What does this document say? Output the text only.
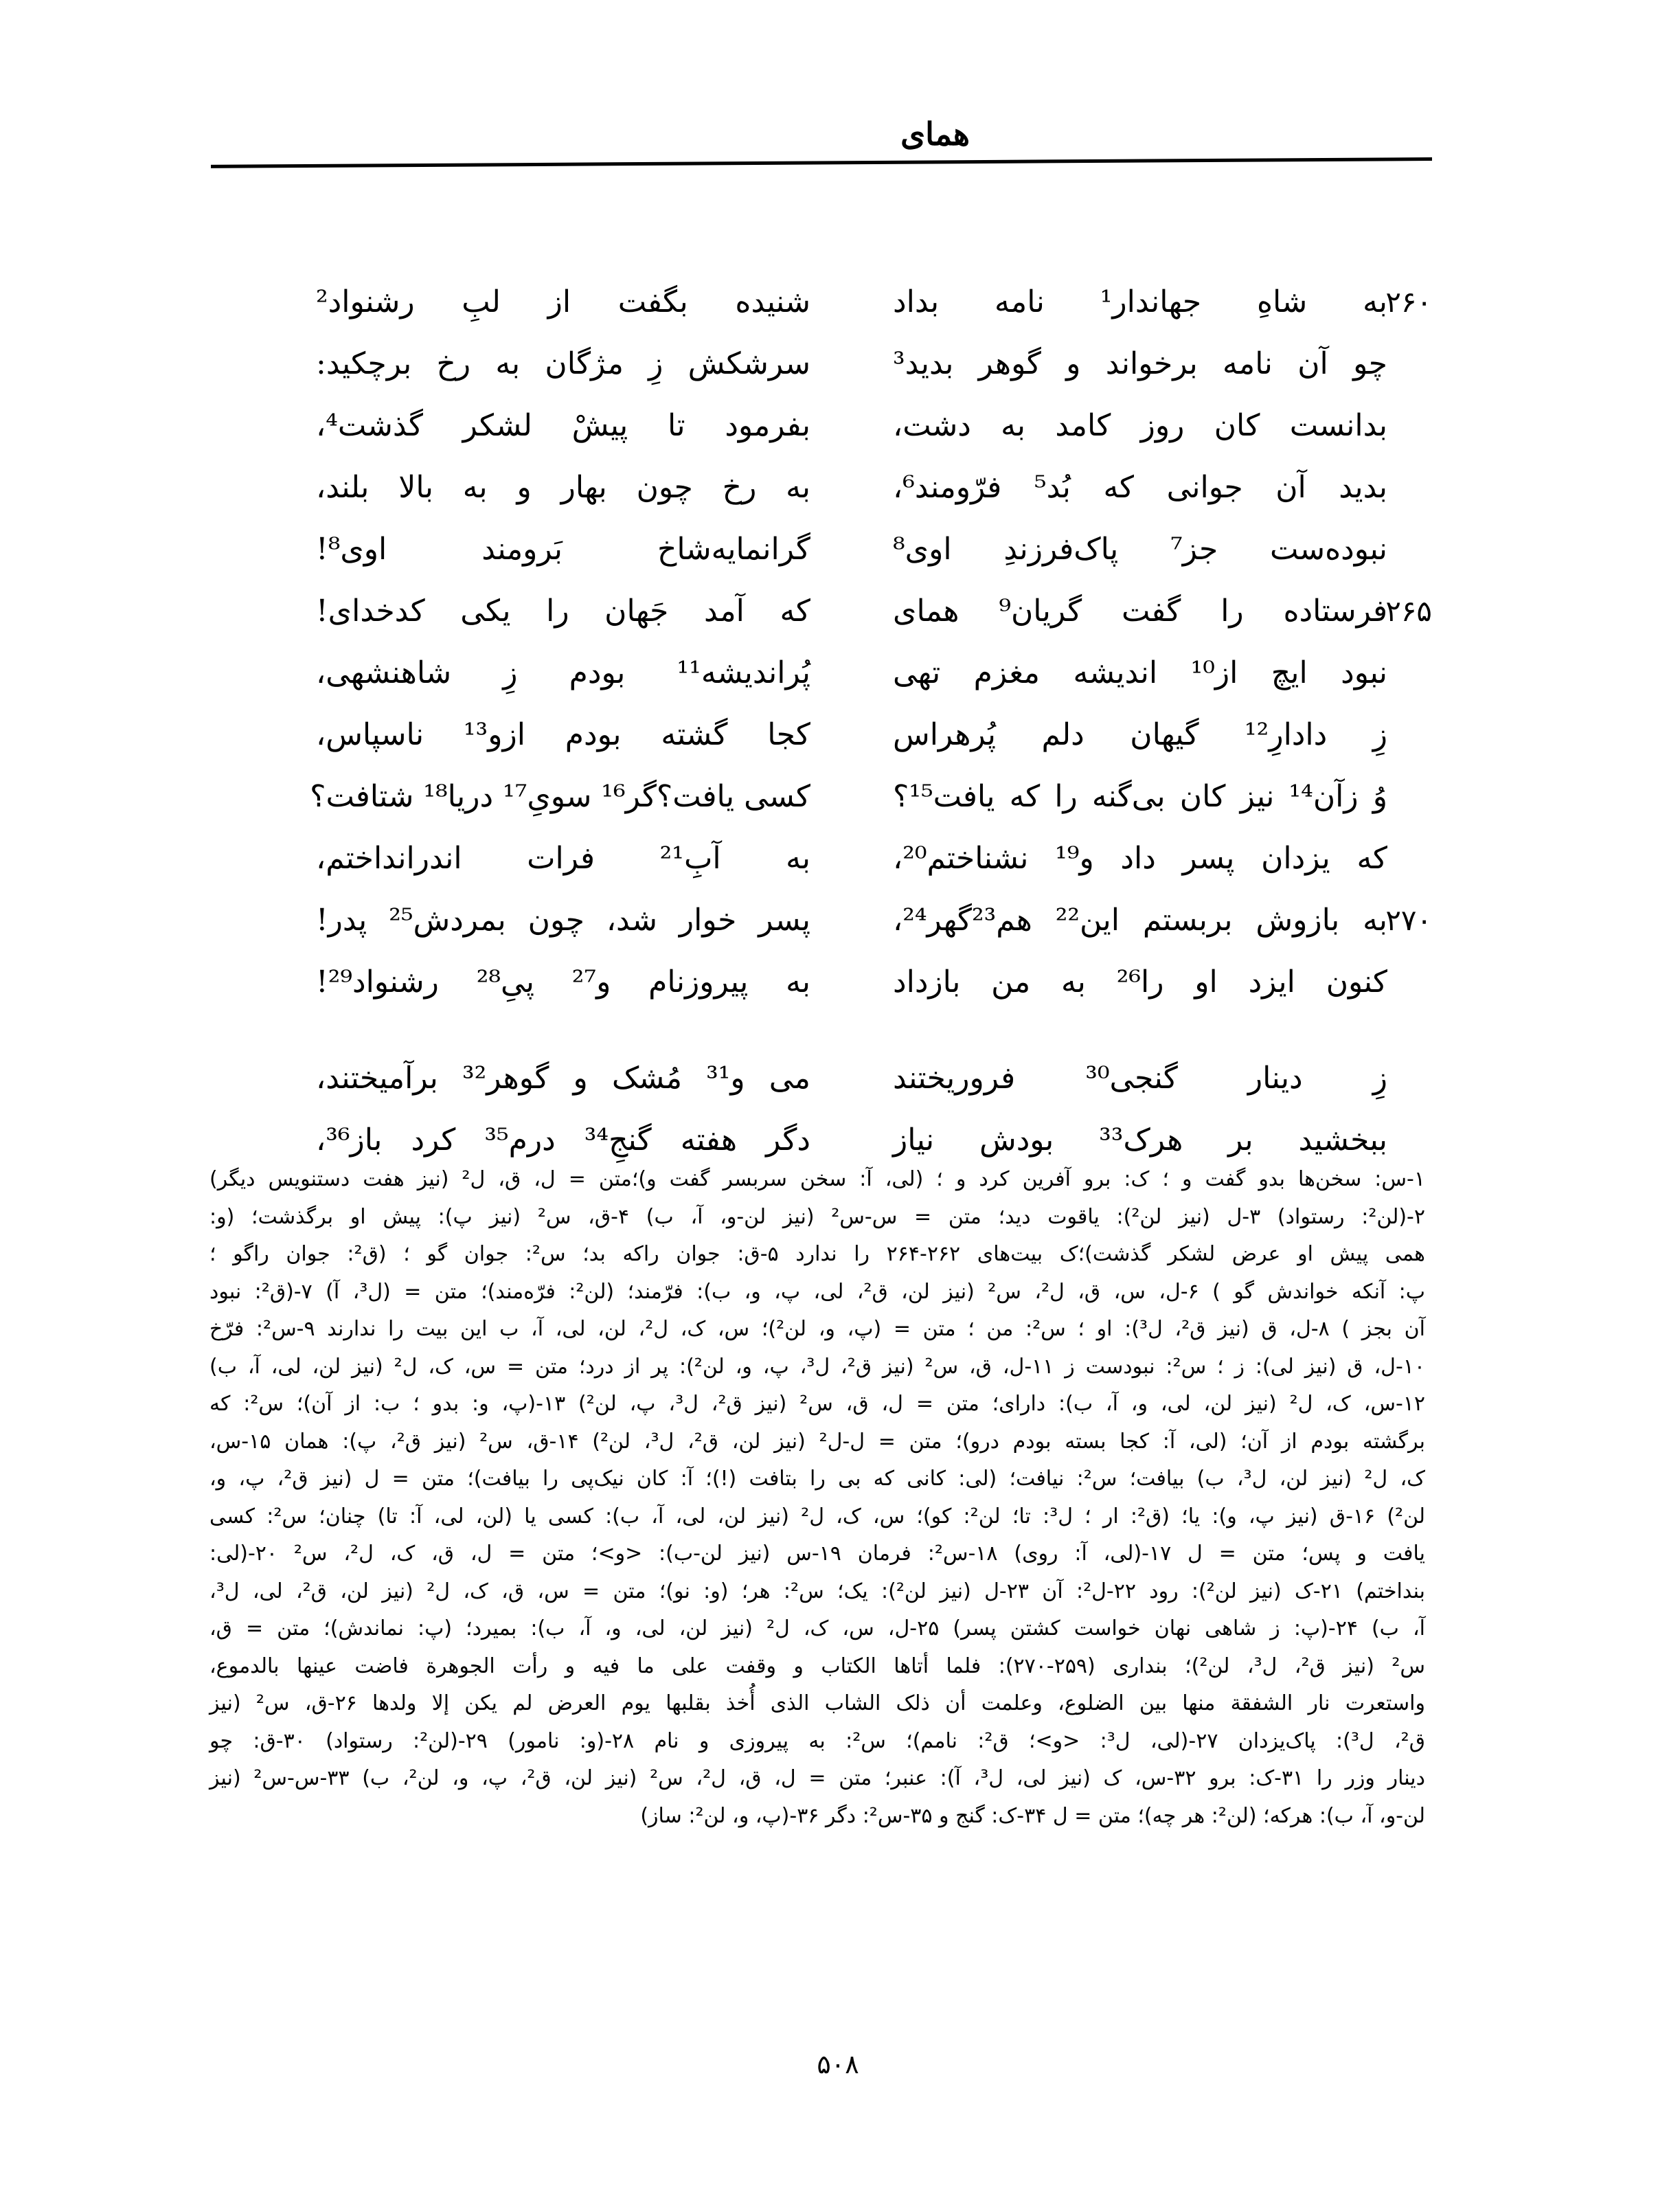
همای
۲۶۰
به شاهِ جهاندار¹ نامه بداد
شنیده بگفت از لبِ رشنواد²
چو آن نامه برخواند و گوهر بدید³
سرشکش زِ مژگان به رخ برچکید:
بدانست کان روز کامد به دشت،
بفرمود تا پیشْ لشکر گذشت⁴،
بدید آن جوانی که بُد⁵ فرّومند⁶،
به رخ چون بهار و به بالا بلند،
نبوده‌ست جز⁷ پاک‌فرزندِ اوی⁸
گرانمایه‌شاخ بَرومند اوی⁸!
۲۶۵
فرستاده را گفت گریان⁹ همای
که آمد جَهان را یکی کدخدای!
نبود ایچ از¹⁰ اندیشه مغزم تهی
پُراندیشه¹¹ بودم زِ شاهنشهی،
زِ دادارِ¹² گیهان دلم پُرهراس
کجا گشته بودم ازو¹³ ناسپاس،
وُ زآن¹⁴ نیز کان بی‌گنه را که یافت¹⁵؟
کسی یافت؟گر¹⁶ سویِ¹⁷ دریا¹⁸ شتافت؟
که یزدان پسر داد و¹⁹ نشناختم²⁰،
به آبِ²¹ فرات اندرانداختم،
۲۷۰
به بازوش بربستم این²² هم²³گهر²⁴،
پسر خوار شد، چون بمردش²⁵ پدر!
کنون ایزد او را²⁶ به من بازداد
به پیروزنام و²⁷ پیِ²⁸ رشنواد²⁹!
زِ دینار گنجی³⁰ فروریختند
می و³¹ مُشک و گوهر³² برآمیختند،
ببخشید بر هرک³³ بودش نیاز
دگر هفته گنجِ³⁴ درم³⁵ کرد باز³⁶،

۱-س: سخن‌ها بدو گفت و ؛ ک: برو آفرین کرد و ؛ (لی، آ: سخن سربسر گفت و)؛متن = ل، ق، ل² (نیز هفت دستنویس دیگر)

۲-(لن²: رستواد) ۳-ل (نیز لن²): یاقوت دید؛ متن = س-س² (نیز لن-و، آ، ب) ۴-ق، س² (نیز پ): پیش او برگذشت؛ (و:

همی پیش او عرض لشکر گذشت)؛ک بیت‌های ۲۶۲-۲۶۴ را ندارد ۵-ق: جوان راکه بد؛ س²: جوان گو ؛ (ق²: جوان راگو ؛

پ: آنکه خواندش گو ) ۶-ل، س، ق، ل²، س² (نیز لن، ق²، لی، پ، و، ب): فرّمند؛ (لن²: فرّه‌مند)؛ متن = (ل³، آ) ۷-(ق²: نبود

آن بجز ) ۸-ل، ق (نیز ق²، ل³): او ؛ س²: من ؛ متن = (پ، و، لن²)؛ س، ک، ل²، لن، لی، آ، ب این بیت را ندارند ۹-س²: فرّخ

۱۰-ل، ق (نیز لی): ز ؛ س²: نبودست ز ۱۱-ل، ق، س² (نیز ق²، ل³، پ، و، لن²): پر از درد؛ متن = س، ک، ل² (نیز لن، لی، آ، ب)

۱۲-س، ک، ل² (نیز لن، لی، و، آ، ب): دارای؛ متن = ل، ق، س² (نیز ق²، ل³، پ، لن²) ۱۳-(پ، و: بدو ؛ ب: از آن)؛ س²: که

برگشته بودم از آن؛ (لی، آ: کجا بسته بودم درو)؛ متن = ل-ل² (نیز لن، ق²، ل³، لن²) ۱۴-ق، س² (نیز ق²، پ): همان ۱۵-س،

ک، ل² (نیز لن، ل³، ب) بیافت؛ س²: نیافت؛ (لی: کانی که بی را بتافت (!)؛ آ: کان نیک‌پی را بیافت)؛ متن = ل (نیز ق²، پ، و،

لن²) ۱۶-ق (نیز پ، و): یا؛ (ق²: ار ؛ ل³: تا؛ لن²: کو)؛ س، ک، ل² (نیز لن، لی، آ، ب): کسی یا (لن، لی، آ: تا) چنان؛ س²: کسی

یافت و پس؛ متن = ل ۱۷-(لی، آ: روی) ۱۸-س²: فرمان ۱۹-س (نیز لن-ب): <و>؛ متن = ل، ق، ک، ل²، س² ۲۰-(لی:

بنداختم) ۲۱-ک (نیز لن²): رود ۲۲-ل²: آن ۲۳-ل (نیز لن²): یک؛ س²: هر؛ (و: نو)؛ متن = س، ق، ک، ل² (نیز لن، ق²، لی، ل³،

آ، ب) ۲۴-(پ: ز شاهی نهان خواست کشتن پسر) ۲۵-ل، س، ک، ل² (نیز لن، لی، و، آ، ب): بمیرد؛ (پ: نماندش)؛ متن = ق،

س² (نیز ق²، ل³، لن²)؛ بنداری (۲۵۹-۲۷۰): فلما أتاها الکتاب و وقفت علی ما فیه و رأت الجوهرة فاضت عینها بالدموع،

واستعرت نار الشفقة منها بین الضلوع، وعلمت أن ذلک الشاب الذی أُخذ بقلبها یوم العرض لم یکن إلا ولدها ۲۶-ق، س² (نیز

ق²، ل³): پاک‌یزدان ۲۷-(لی، ل³: <و>؛ ق²: نامم)؛ س²: به پیروزی و نام ۲۸-(و: نامور) ۲۹-(لن²: رستواد) ۳۰-ق: چو

دینار وزر را ۳۱-ک: برو ۳۲-س، ک (نیز لی، ل³، آ): عنبر؛ متن = ل، ق، ل²، س² (نیز لن، ق²، پ، و، لن²، ب) ۳۳-س-س² (نیز

لن-و، آ، ب): هرکه؛ (لن²: هر چه)؛ متن = ل ۳۴-ک: گنج و ۳۵-س²: دگر ۳۶-(پ، و، لن²: ساز)

۵۰۸
